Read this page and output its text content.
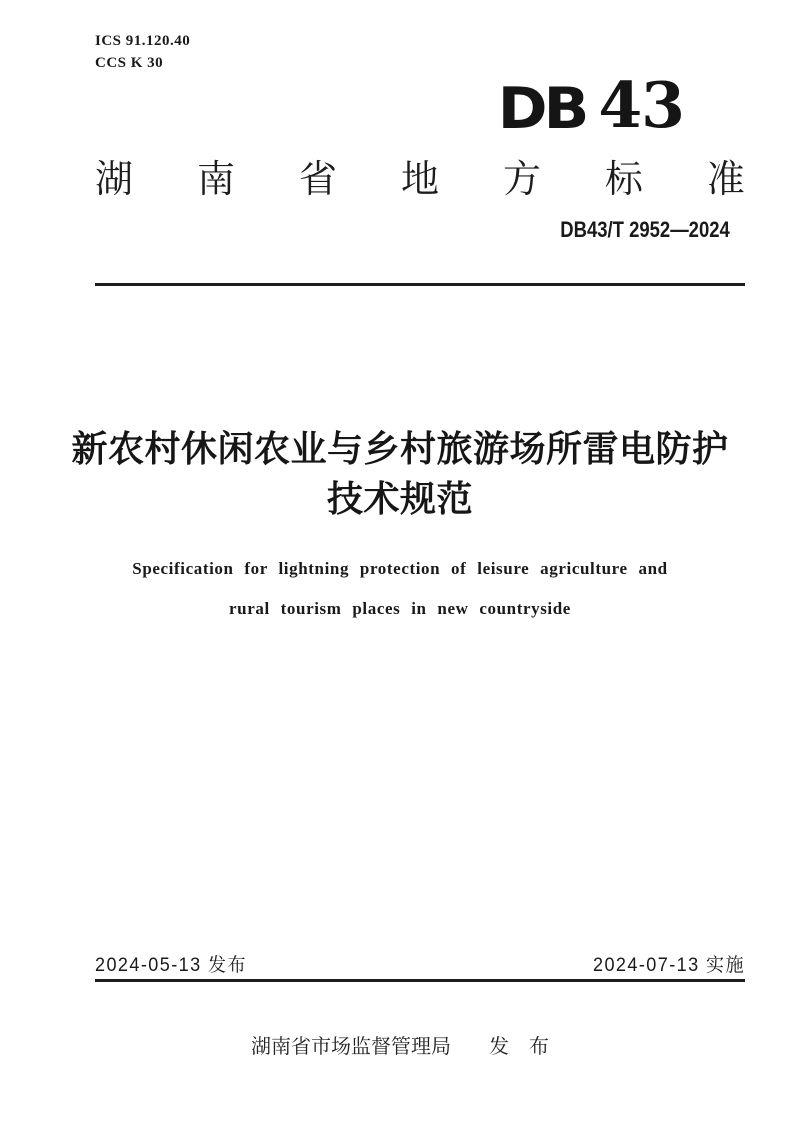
ICS 91.120.40
CCS K 30
DB 43
湖 南 省 地 方 标 准
DB43/T 2952—2024
新农村休闲农业与乡村旅游场所雷电防护
技术规范
Specification for lightning protection of leisure agriculture and
rural tourism places in new countryside
2024-05-13 发布	2024-07-13 实施
湖南省市场监督管理局 发　布
